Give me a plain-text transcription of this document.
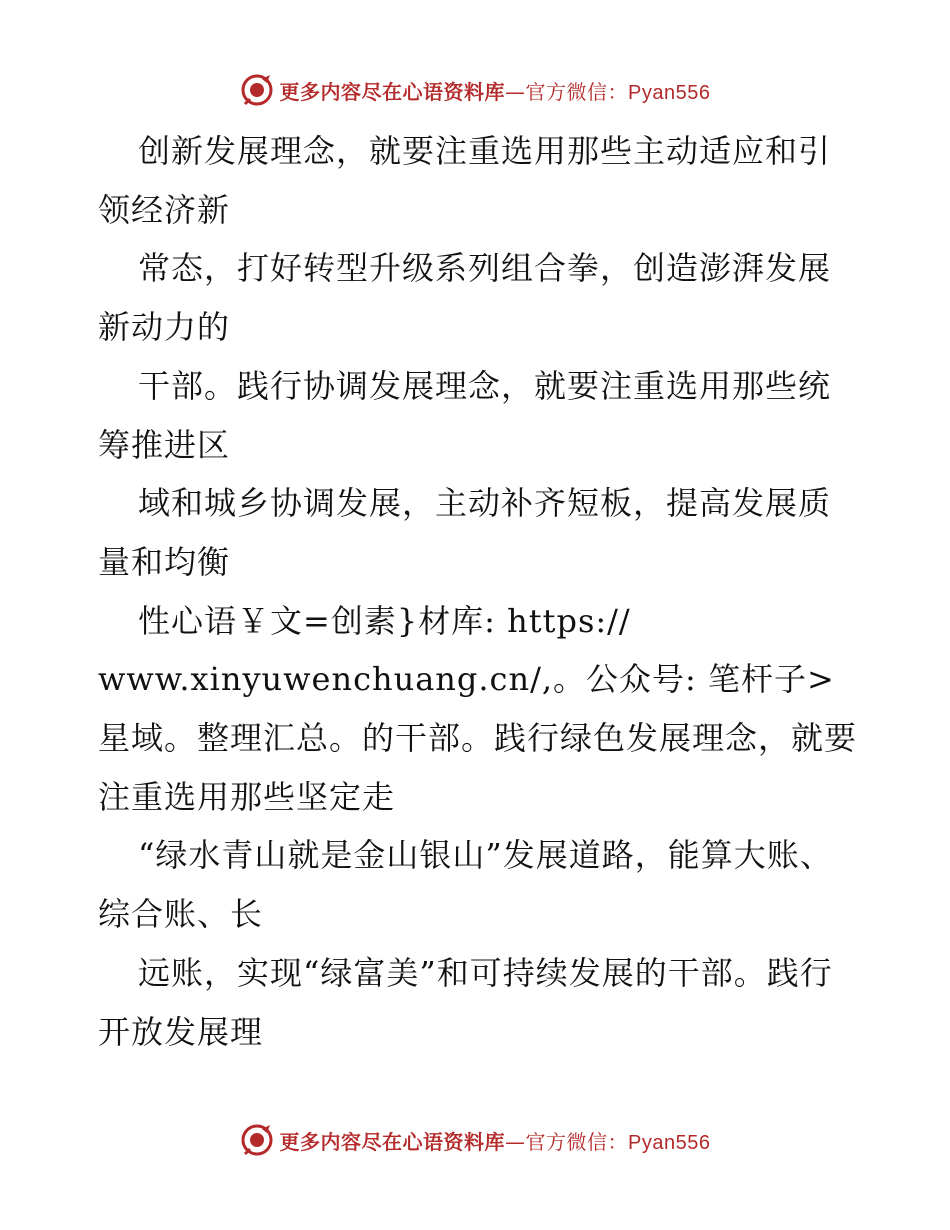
更多内容尽在心语资料库—官方微信：Pyan556

创新发展理念，就要注重选用那些主动适应和引领经济新

常态，打好转型升级系列组合拳，创造澎湃发展新动力的

干部。践行协调发展理念，就要注重选用那些统筹推进区

域和城乡协调发展，主动补齐短板，提高发展质量和均衡

性心语￥文=创素}材库: https://

www.xinyuwenchuang.cn/,。公众号: 笔杆子>星域。整理汇总。的干部。践行绿色发展理念，就要注重选用那些坚定走

“绿水青山就是金山银山”发展道路，能算大账、综合账、长

远账，实现“绿富美”和可持续发展的干部。践行开放发展理

更多内容尽在心语资料库—官方微信：Pyan556
